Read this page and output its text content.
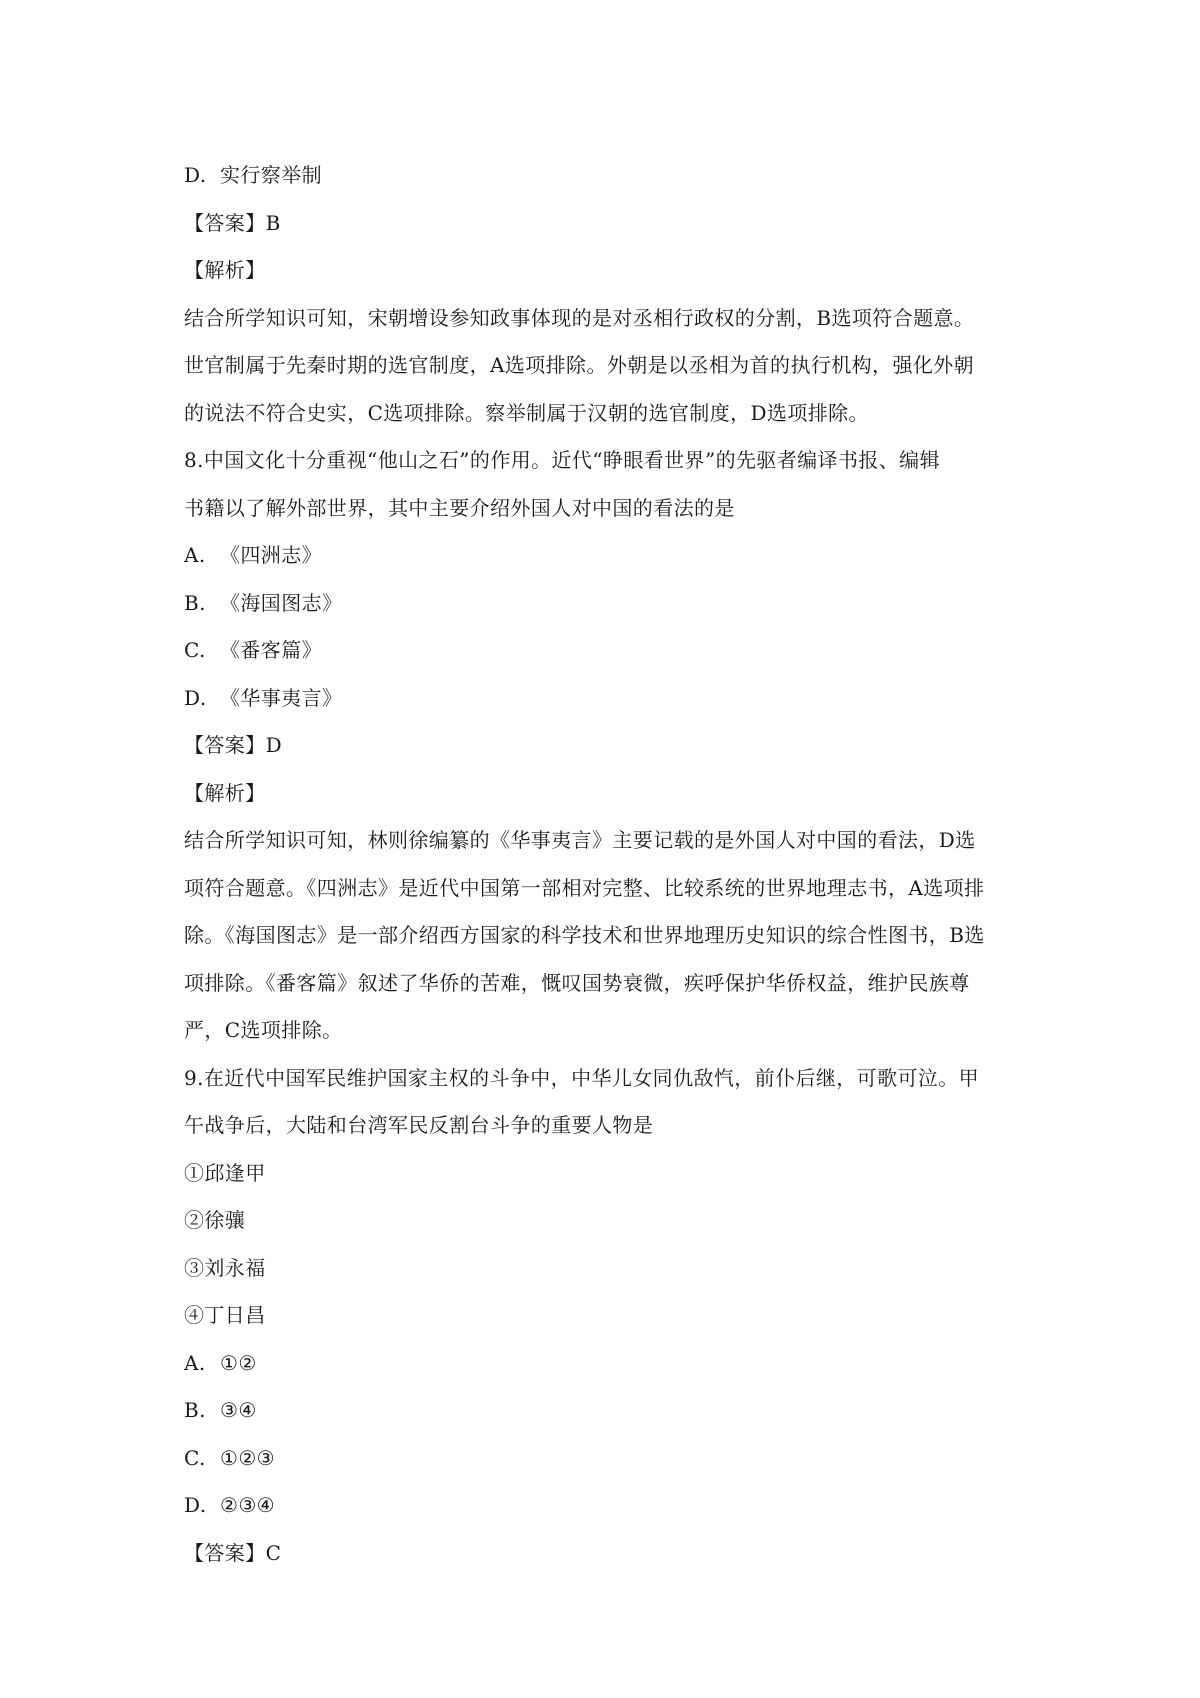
D. 实行察举制
【答案】B
【解析】
结合所学知识可知，宋朝增设参知政事体现的是对丞相行政权的分割，B选项符合题意。
世官制属于先秦时期的选官制度，A选项排除。外朝是以丞相为首的执行机构，强化外朝
的说法不符合史实，C选项排除。察举制属于汉朝的选官制度，D选项排除。
8.中国文化十分重视“他山之石”的作用。近代“睁眼看世界”的先驱者编译书报、编辑
书籍以了解外部世界，其中主要介绍外国人对中国的看法的是
A. 《四洲志》
B. 《海国图志》
C. 《番客篇》
D. 《华事夷言》
【答案】D
【解析】
结合所学知识可知，林则徐编纂的《华事夷言》主要记载的是外国人对中国的看法，D选
项符合题意。《四洲志》是近代中国第一部相对完整、比较系统的世界地理志书，A选项排
除。《海国图志》是一部介绍西方国家的科学技术和世界地理历史知识的综合性图书，B选
项排除。《番客篇》叙述了华侨的苦难，慨叹国势衰微，疾呼保护华侨权益，维护民族尊
严，C选项排除。
9.在近代中国军民维护国家主权的斗争中，中华儿女同仇敌忾，前仆后继，可歌可泣。甲
午战争后，大陆和台湾军民反割台斗争的重要人物是
①邱逢甲
②徐骧
③刘永福
④丁日昌
A. ①②
B. ③④
C. ①②③
D. ②③④
【答案】C
